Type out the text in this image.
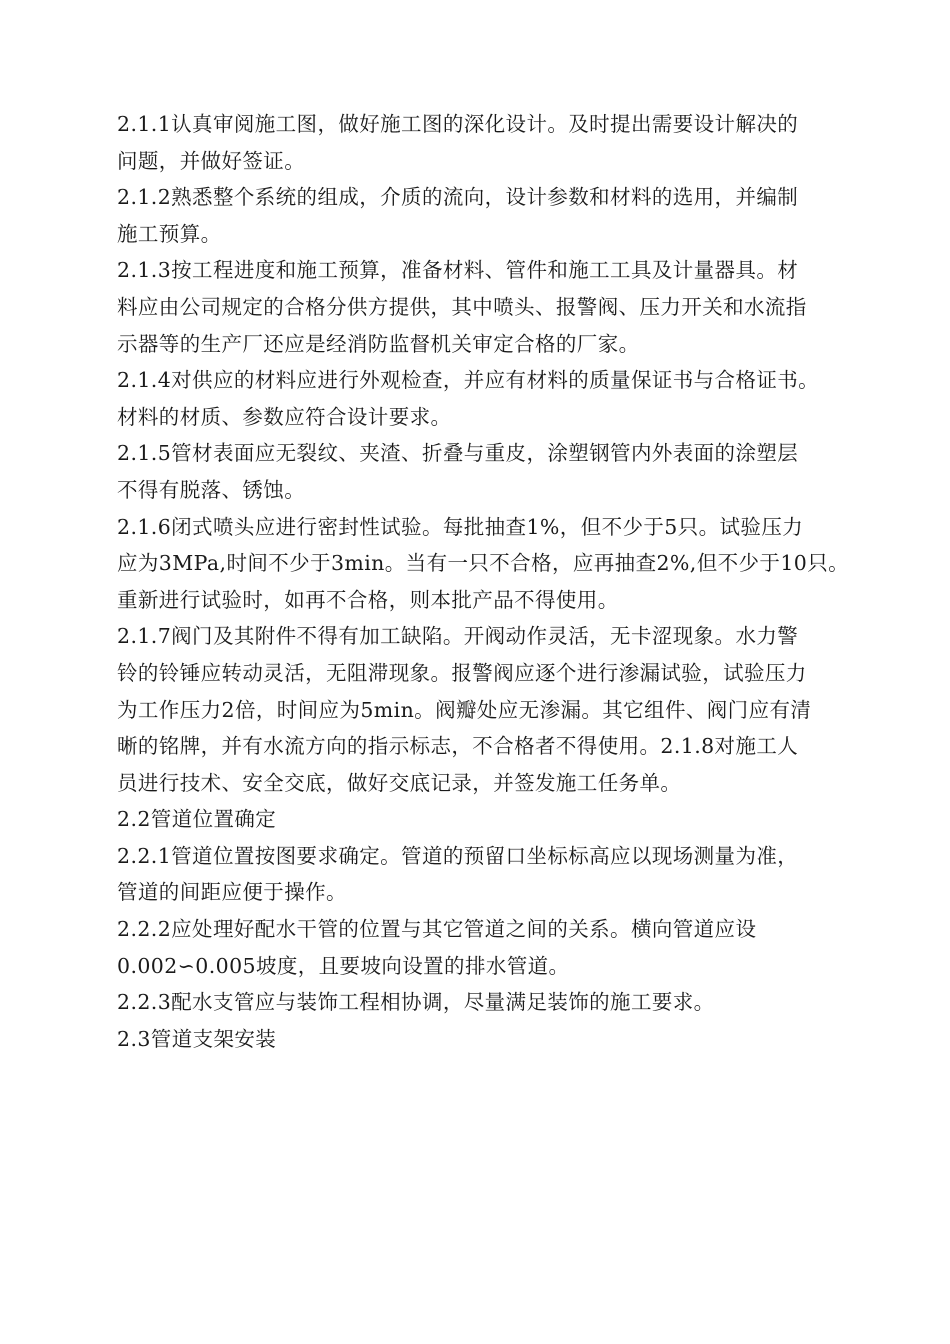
2.1.1认真审阅施工图，做好施工图的深化设计。及时提出需要设计解决的
问题，并做好签证。
2.1.2熟悉整个系统的组成，介质的流向，设计参数和材料的选用，并编制
施工预算。
2.1.3按工程进度和施工预算，准备材料、管件和施工工具及计量器具。材
料应由公司规定的合格分供方提供，其中喷头、报警阀、压力开关和水流指
示器等的生产厂还应是经消防监督机关审定合格的厂家。
2.1.4对供应的材料应进行外观检查，并应有材料的质量保证书与合格证书。
材料的材质、参数应符合设计要求。
2.1.5管材表面应无裂纹、夹渣、折叠与重皮，涂塑钢管内外表面的涂塑层
不得有脱落、锈蚀。
2.1.6闭式喷头应进行密封性试验。每批抽查1%，但不少于5只。试验压力
应为3MPa,时间不少于3min。当有一只不合格，应再抽查2%,但不少于10只。
重新进行试验时，如再不合格，则本批产品不得使用。
2.1.7阀门及其附件不得有加工缺陷。开阀动作灵活，无卡涩现象。水力警
铃的铃锤应转动灵活，无阻滞现象。报警阀应逐个进行渗漏试验，试验压力
为工作压力2倍，时间应为5min。阀瓣处应无渗漏。其它组件、阀门应有清
晰的铭牌，并有水流方向的指示标志，不合格者不得使用。2.1.8对施工人
员进行技术、安全交底，做好交底记录，并签发施工任务单。
2.2管道位置确定
2.2.1管道位置按图要求确定。管道的预留口坐标标高应以现场测量为准，
管道的间距应便于操作。
2.2.2应处理好配水干管的位置与其它管道之间的关系。横向管道应设
0.002∽0.005坡度，且要坡向设置的排水管道。
2.2.3配水支管应与装饰工程相协调，尽量满足装饰的施工要求。
2.3管道支架安装
